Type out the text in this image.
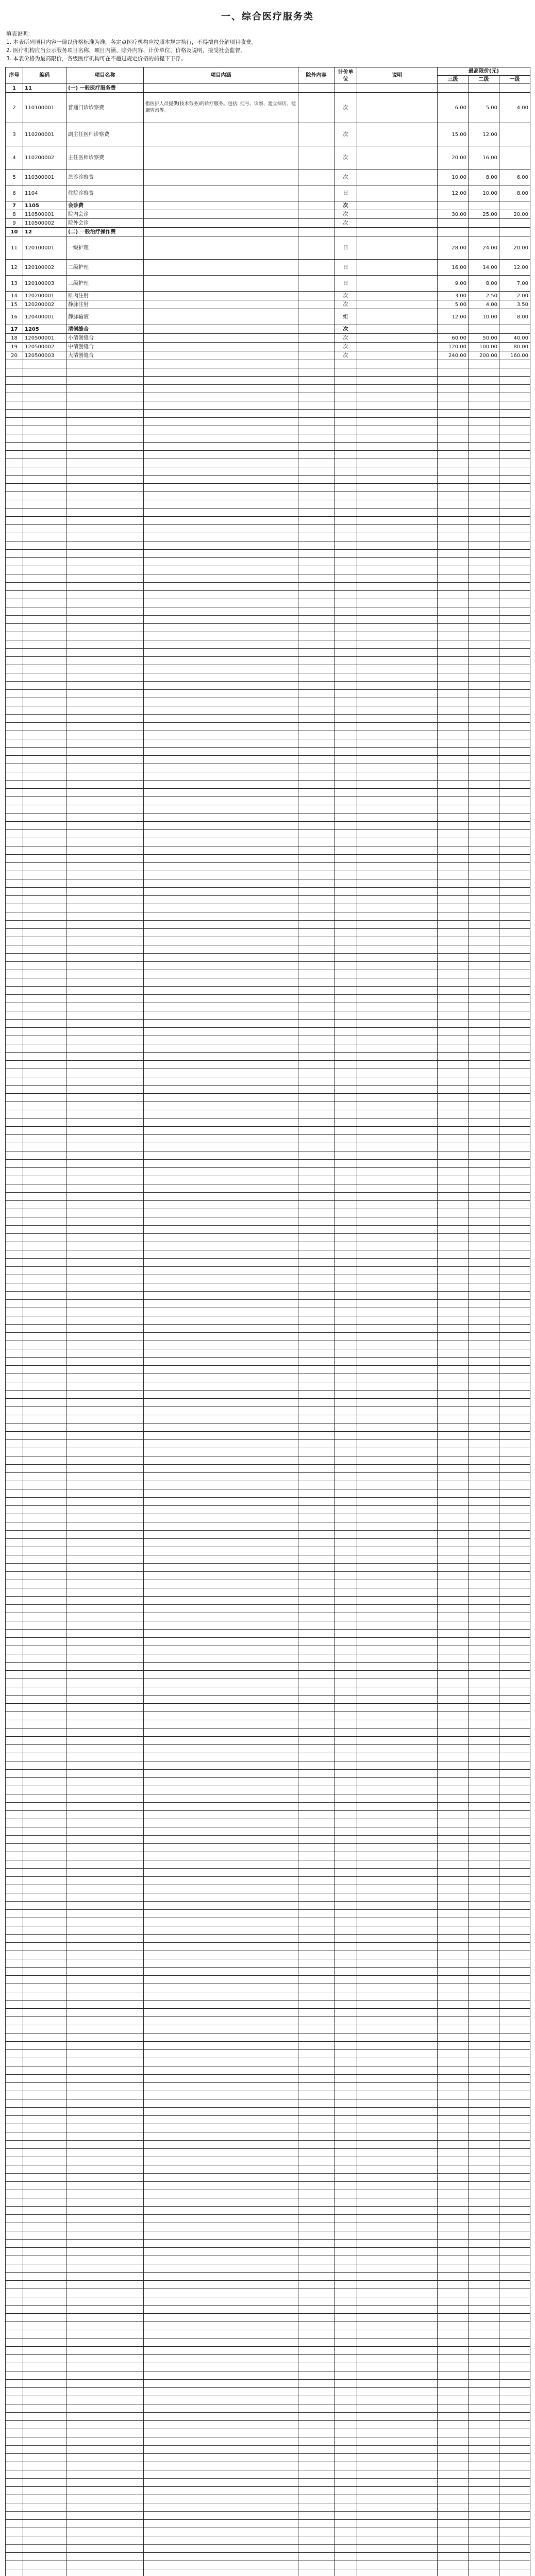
一、综合医疗服务类
填表说明：
1. 本表所列项目内容一律以价格标准为准，各定点医疗机构应按照本规定执行，不得擅自分解项目收费。
2. 医疗机构应当公示服务项目名称、项目内涵、除外内容、计价单位、价格及说明，接受社会监督。
3. 本表价格为最高限价，各级医疗机构可在不超过规定价格的前提下下浮。
序号	编码	项目名称	项目内涵	除外内容	计价单位	说明	最高限价(元)		
							三级	二级	一级
1	11	(一) 一般医疗服务费							
2	110100001	普通门诊诊察费	指医护人员提供(技术劳务)的诊疗服务。包括: 挂号、诊察、建立病历、健康咨询等。		次		6.00	5.00	4.00
3	110200001	副主任医师诊察费			次		15.00	12.00	
4	110200002	主任医师诊察费			次		20.00	16.00	
5	110300001	急诊诊察费			次		10.00	8.00	6.00
6	1104	住院诊察费			日		12.00	10.00	8.00
7	1105	会诊费			次				
8	110500001	院内会诊			次		30.00	25.00	20.00
9	110500002	院外会诊			次				
10	12	(二) 一般治疗操作费							
11	120100001	一级护理			日		28.00	24.00	20.00
12	120100002	二级护理			日		16.00	14.00	12.00
13	120100003	三级护理			日		9.00	8.00	7.00
14	120200001	肌肉注射			次		3.00	2.50	2.00
15	120200002	静脉注射			次		5.00	4.00	3.50
16	120400001	静脉输液			组		12.00	10.00	8.00
17	1205	清创缝合			次				
18	120500001	小清创缝合			次		60.00	50.00	40.00
19	120500002	中清创缝合			次		120.00	100.00	80.00
20	120500003	大清创缝合			次		240.00	200.00	160.00
